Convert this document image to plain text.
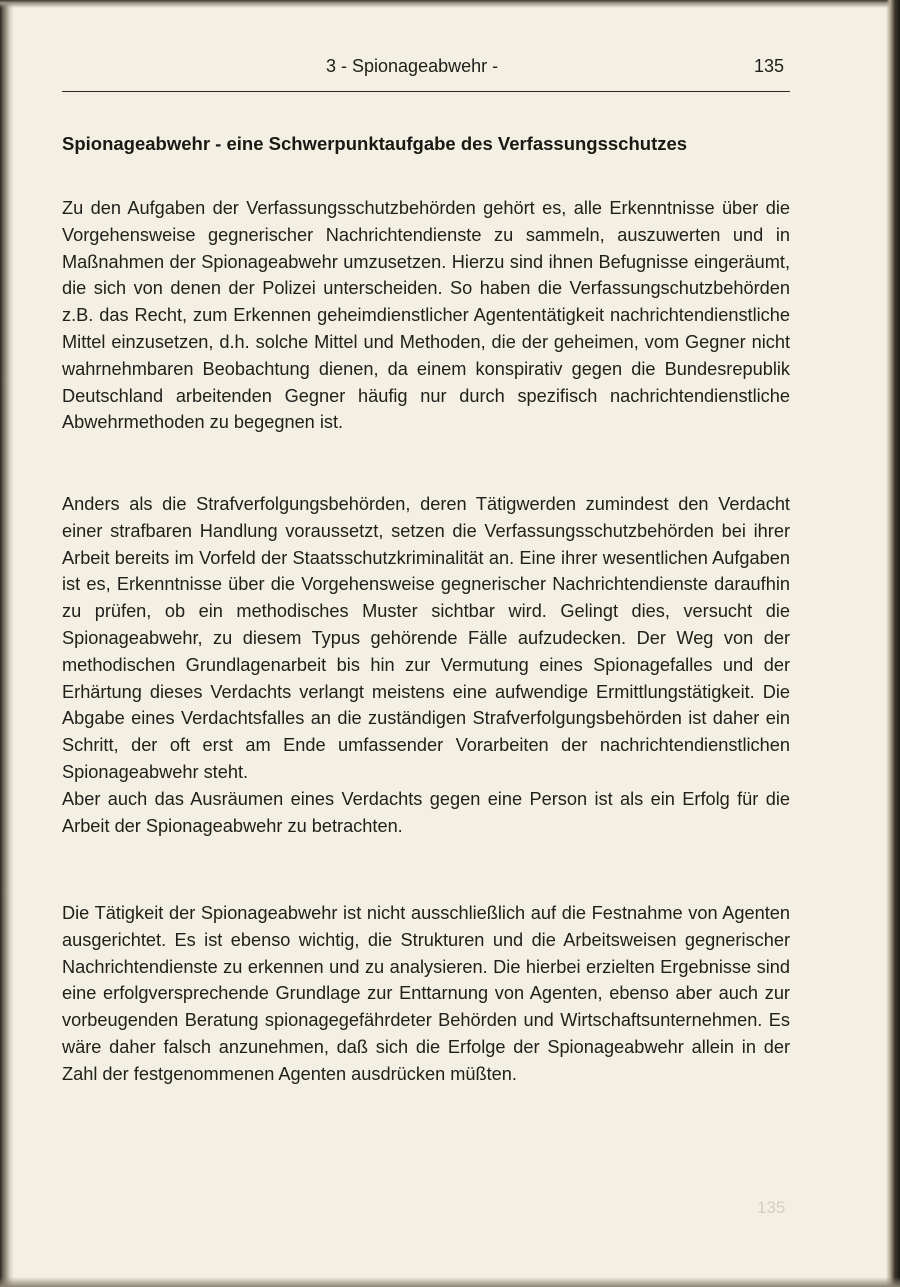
3 - Spionageabwehr -	135
Spionageabwehr - eine Schwerpunktaufgabe des Verfassungsschutzes
Zu den Aufgaben der Verfassungsschutzbehörden gehört es, alle Erkenntnisse über die Vorgehensweise gegnerischer Nachrichtendienste zu sammeln, auszuwerten und in Maßnahmen der Spionageabwehr umzusetzen. Hierzu sind ihnen Befugnisse eingeräumt, die sich von denen der Polizei unterscheiden. So haben die Verfassungschutzbehörden z.B. das Recht, zum Erkennen geheimdienstlicher Agententätigkeit nachrichtendienstliche Mittel einzusetzen, d.h. solche Mittel und Methoden, die der geheimen, vom Gegner nicht wahrnehmbaren Beobachtung dienen, da einem konspirativ gegen die Bundesrepublik Deutschland arbeitenden Gegner häufig nur durch spezifisch nachrichtendienstliche Abwehrmethoden zu begegnen ist.
Anders als die Strafverfolgungsbehörden, deren Tätigwerden zumindest den Verdacht einer strafbaren Handlung voraussetzt, setzen die Verfassungsschutzbehörden bei ihrer Arbeit bereits im Vorfeld der Staatsschutzkriminalität an. Eine ihrer wesentlichen Aufgaben ist es, Erkenntnisse über die Vorgehensweise gegnerischer Nachrichtendienste daraufhin zu prüfen, ob ein methodisches Muster sichtbar wird. Gelingt dies, versucht die Spionageabwehr, zu diesem Typus gehörende Fälle aufzudecken. Der Weg von der methodischen Grundlagenarbeit bis hin zur Vermutung eines Spionagefalles und der Erhärtung dieses Verdachts verlangt meistens eine aufwendige Ermittlungstätigkeit. Die Abgabe eines Verdachtsfalles an die zuständigen Strafverfolgungsbehörden ist daher ein Schritt, der oft erst am Ende umfassender Vorarbeiten der nachrichtendienstlichen Spionageabwehr steht.
Aber auch das Ausräumen eines Verdachts gegen eine Person ist als ein Erfolg für die Arbeit der Spionageabwehr zu betrachten.
Die Tätigkeit der Spionageabwehr ist nicht ausschließlich auf die Festnahme von Agenten ausgerichtet. Es ist ebenso wichtig, die Strukturen und die Arbeitsweisen gegnerischer Nachrichtendienste zu erkennen und zu analysieren. Die hierbei erzielten Ergebnisse sind eine erfolgversprechende Grundlage zur Enttarnung von Agenten, ebenso aber auch zur vorbeugenden Beratung spionagegefährdeter Behörden und Wirtschaftsunternehmen. Es wäre daher falsch anzunehmen, daß sich die Erfolge der Spionageabwehr allein in der Zahl der festgenommenen Agenten ausdrücken müßten.
135
